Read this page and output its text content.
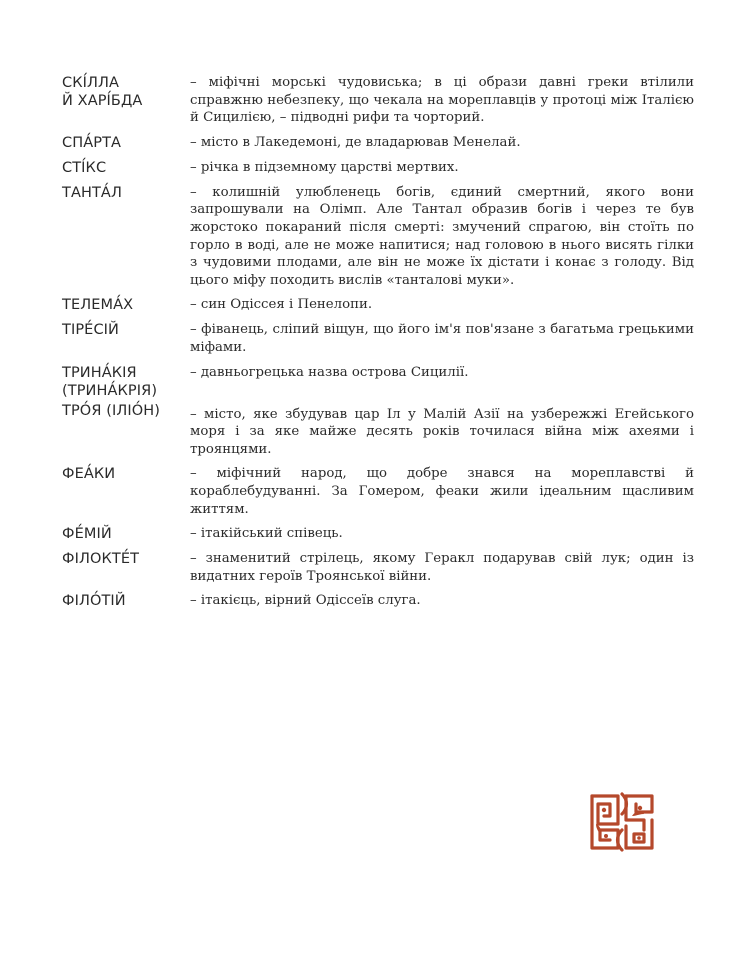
СКІ́ЛЛА
Й ХАРІ́БДА
– міфічні морські чудовиська; в ці образи давні греки втілили справжню небезпеку, що чекала на мореплавців у протоці між Італією й Сицилією, – підводні рифи та чорторий.
СПА́РТА	– місто в Лакедемоні, де владарював Менелай.
СТІ́КС	– річка в підземному царстві мертвих.
ТАНТА́Л	– колишній улюбленець богів, єдиний смертний, якого вони запрошували на Олімп. Але Тантал образив богів і через те був жорстоко покараний після смерті: змучений спрагою, він стоїть по горло в воді, але не може напитися; над головою в нього висять гілки з чудовими плодами, але він не може їх дістати і конає з голоду. Від цього міфу походить вислів «танталові муки».
ТЕЛЕМА́Х	– син Одіссея і Пенелопи.
ТІРЕ́СІЙ	– фіванець, сліпий віщун, що його ім'я пов'язане з багатьма грецькими міфами.
ТРИНА́КІЯ
(ТРИНА́КРІЯ)
– давньогрецька назва острова Сицилії.
ТРО́Я (ІЛІО́Н)	– місто, яке збудував цар Іл у Малій Азії на узбережжі Егейського моря і за яке майже десять років точилася війна між ахеями і троянцями.
ФЕА́КИ	– міфічний народ, що добре знався на мореплавстві й кораблебудуванні. За Гомером, феаки жили ідеальним щасливим життям.
ФЕ́МІЙ	– ітакійський співець.
ФІЛОКТЕ́Т	– знаменитий стрілець, якому Геракл подарував свій лук; один із видатних героїв Троянської війни.
ФІЛО́ТІЙ	– ітакієць, вірний Одіссеїв слуга.
